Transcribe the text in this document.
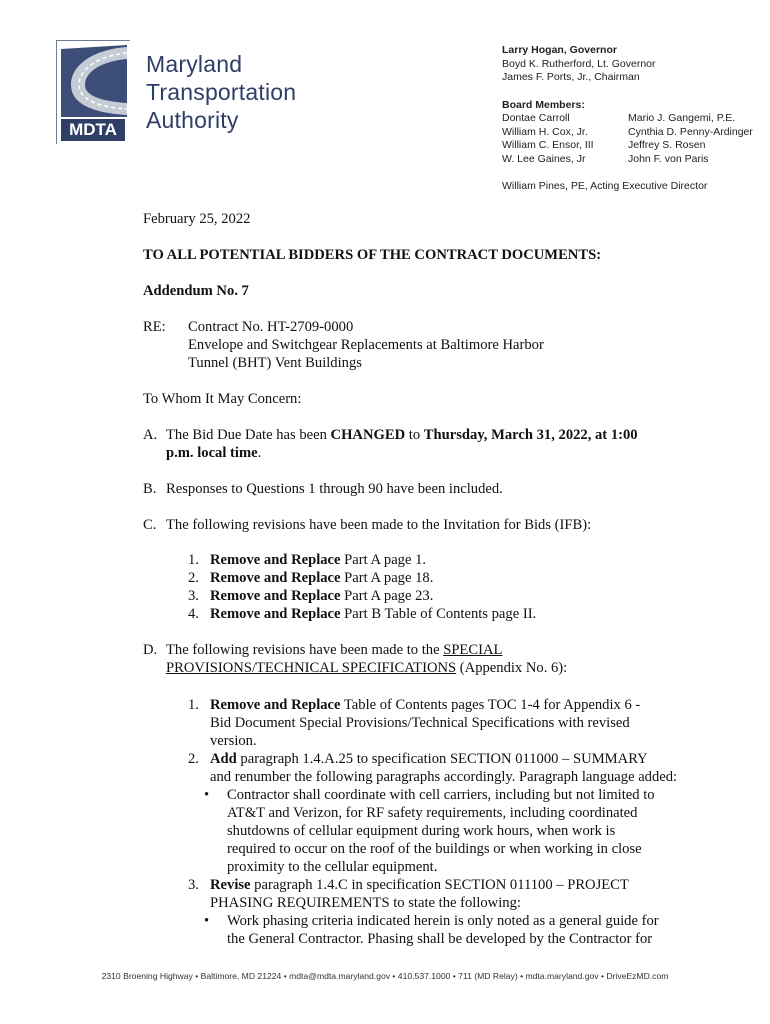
MDTA
Maryland
Transportation
Authority
Larry Hogan, Governor
Boyd K. Rutherford, Lt. Governor
James F. Ports, Jr., Chairman
Board Members:
Dontae Carroll
William H. Cox, Jr.
William C. Ensor, III
W. Lee Gaines, Jr
Mario J. Gangemi, P.E.
Cynthia D. Penny-Ardinger
Jeffrey S. Rosen
John F. von Paris
William Pines, PE, Acting Executive Director
February 25, 2022
TO ALL POTENTIAL BIDDERS OF THE CONTRACT DOCUMENTS:
Addendum No. 7
RE: Contract No. HT-2709-0000
Envelope and Switchgear Replacements at Baltimore Harbor
Tunnel (BHT) Vent Buildings
To Whom It May Concern:
A. The Bid Due Date has been CHANGED to Thursday, March 31, 2022, at 1:00
p.m. local time.
B. Responses to Questions 1 through 90 have been included.
C. The following revisions have been made to the Invitation for Bids (IFB):
1. Remove and Replace Part A page 1.
2. Remove and Replace Part A page 18.
3. Remove and Replace Part A page 23.
4. Remove and Replace Part B Table of Contents page II.
D. The following revisions have been made to the SPECIAL
PROVISIONS/TECHNICAL SPECIFICATIONS (Appendix No. 6):
1. Remove and Replace Table of Contents pages TOC 1-4 for Appendix 6 -
Bid Document Special Provisions/Technical Specifications with revised
version.
2. Add paragraph 1.4.A.25 to specification SECTION 011000 – SUMMARY
and renumber the following paragraphs accordingly. Paragraph language added:
• Contractor shall coordinate with cell carriers, including but not limited to
AT&T and Verizon, for RF safety requirements, including coordinated
shutdowns of cellular equipment during work hours, when work is
required to occur on the roof of the buildings or when working in close
proximity to the cellular equipment.
3. Revise paragraph 1.4.C in specification SECTION 011100 – PROJECT
PHASING REQUIREMENTS to state the following:
• Work phasing criteria indicated herein is only noted as a general guide for
the General Contractor. Phasing shall be developed by the Contractor for
2310 Broening Highway • Baltimore, MD 21224 • mdta@mdta.maryland.gov • 410.537.1000 • 711 (MD Relay) • mdta.maryland.gov • DriveEzMD.com
